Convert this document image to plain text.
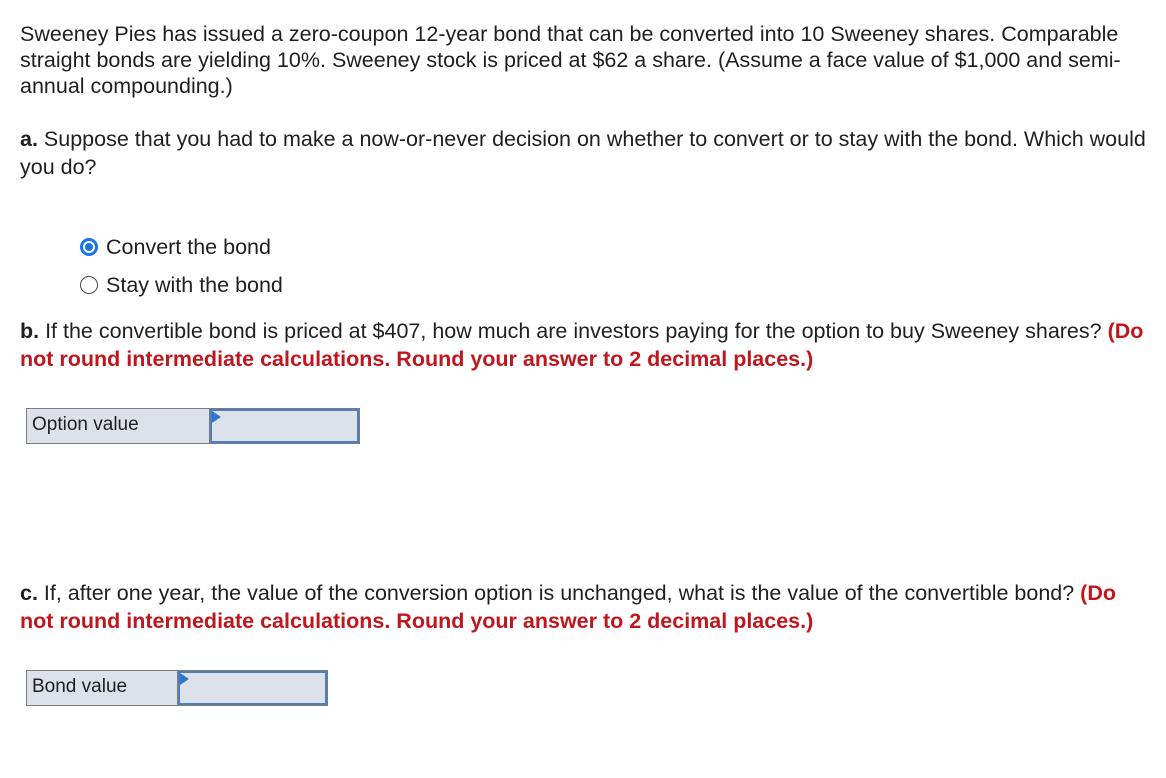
Sweeney Pies has issued a zero-coupon 12-year bond that can be converted into 10 Sweeney shares. Comparable straight bonds are yielding 10%. Sweeney stock is priced at $62 a share. (Assume a face value of $1,000 and semi-annual compounding.)

a. Suppose that you had to make a now-or-never decision on whether to convert or to stay with the bond. Which would you do?

Convert the bond
Stay with the bond

b. If the convertible bond is priced at $407, how much are investors paying for the option to buy Sweeney shares? (Do not round intermediate calculations. Round your answer to 2 decimal places.)

Option value

c. If, after one year, the value of the conversion option is unchanged, what is the value of the convertible bond? (Do not round intermediate calculations. Round your answer to 2 decimal places.)

Bond value
